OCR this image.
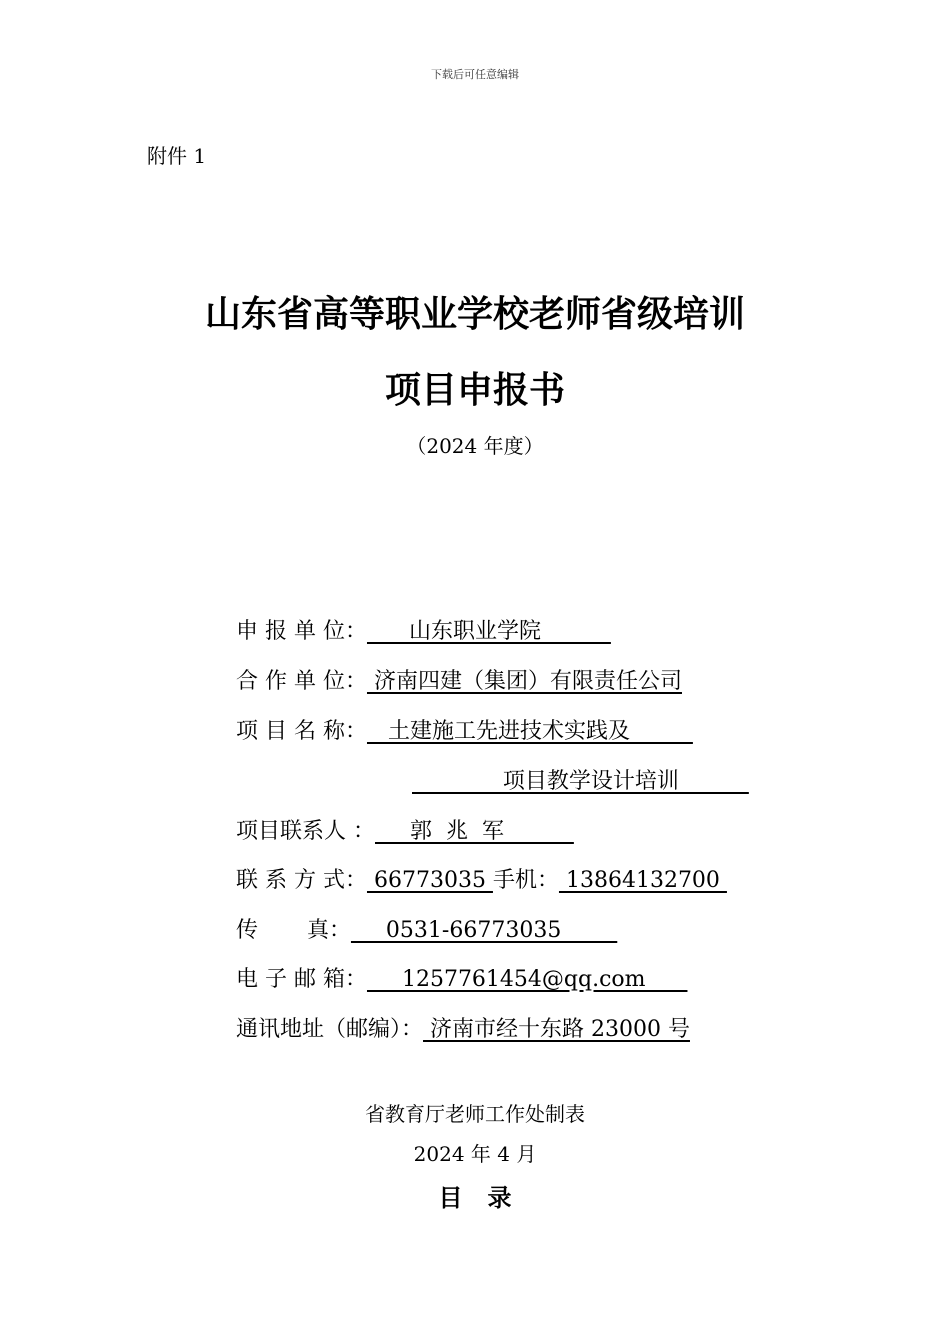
下载后可任意编辑
附件 1
山东省高等职业学校老师省级培训
项目申报书
（2024 年度）
申 报 单 位：      山东职业学院
合 作 单 位： 济南四建（集团）有限责任公司
项 目 名 称：   土建施工先进技术实践及
项目教学设计培训
项目联系人 ：     郭  兆  军
联 系 方 式： 66773035 手机： 13864132700
传       真：     0531-66773035
电 子 邮 箱：     1257761454@qq.com
通讯地址（邮编）： 济南市经十东路 23000 号
省教育厅老师工作处制表
2024 年 4 月
目   录
